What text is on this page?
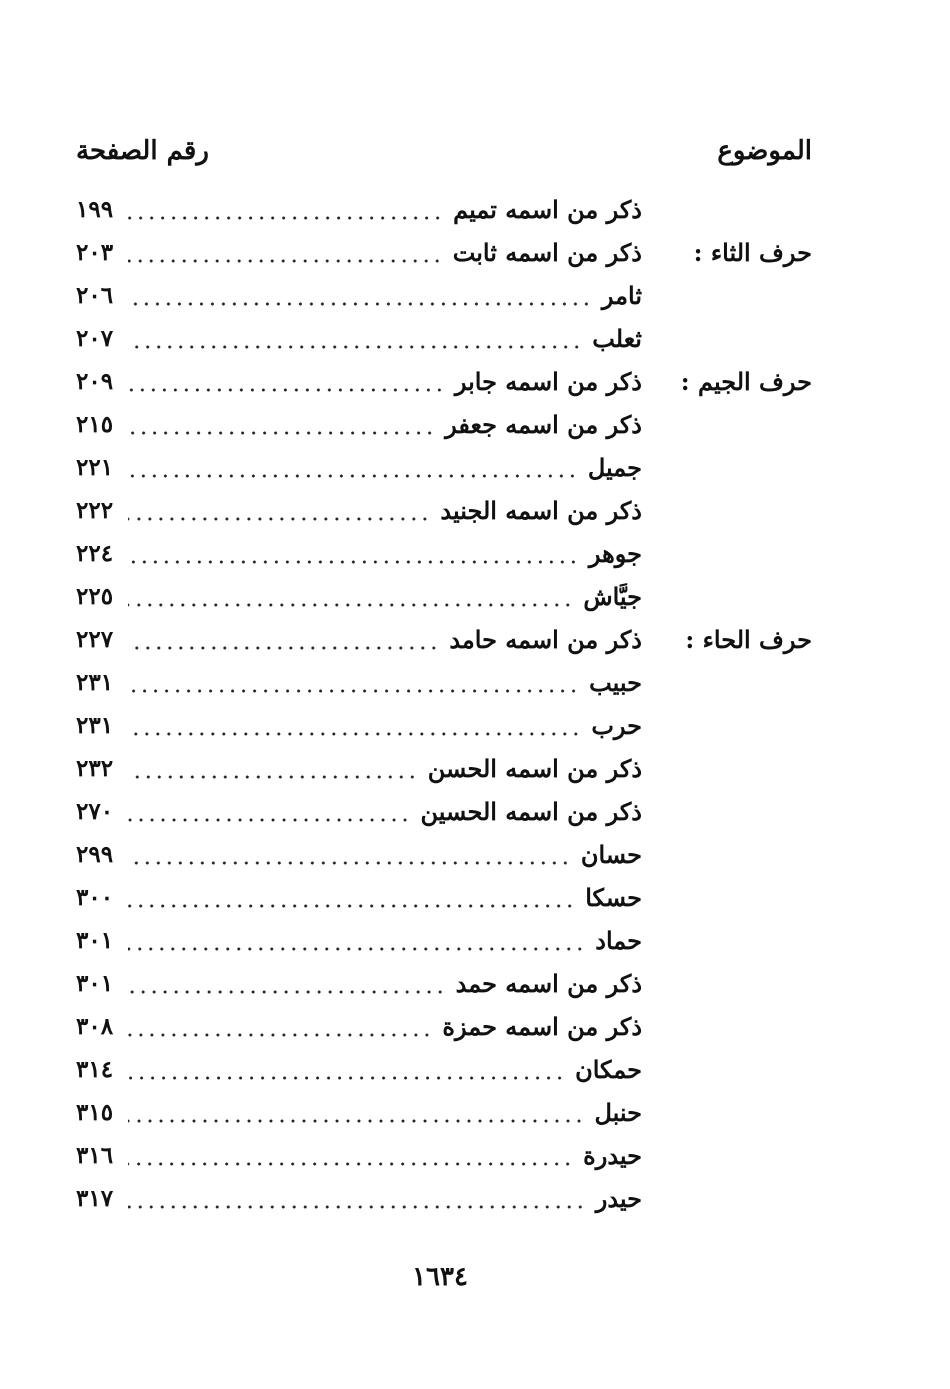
الموضوع
رقم الصفحة
ذكر من اسمه تميم
١٩٩
حرف الثاء :
ذكر من اسمه ثابت
٢٠٣
ثامر
٢٠٦
ثعلب
٢٠٧
حرف الجيم :
ذكر من اسمه جابر
٢٠٩
ذكر من اسمه جعفر
٢١٥
جميل
٢٢١
ذكر من اسمه الجنيد
٢٢٢
جوهر
٢٢٤
جيَّاش
٢٢٥
حرف الحاء :
ذكر من اسمه حامد
٢٢٧
حبيب
٢٣١
حرب
٢٣١
ذكر من اسمه الحسن
٢٣٢
ذكر من اسمه الحسين
٢٧٠
حسان
٢٩٩
حسكا
٣٠٠
حماد
٣٠١
ذكر من اسمه حمد
٣٠١
ذكر من اسمه حمزة
٣٠٨
حمكان
٣١٤
حنبل
٣١٥
حيدرة
٣١٦
حيدر
٣١٧
١٦٣٤
